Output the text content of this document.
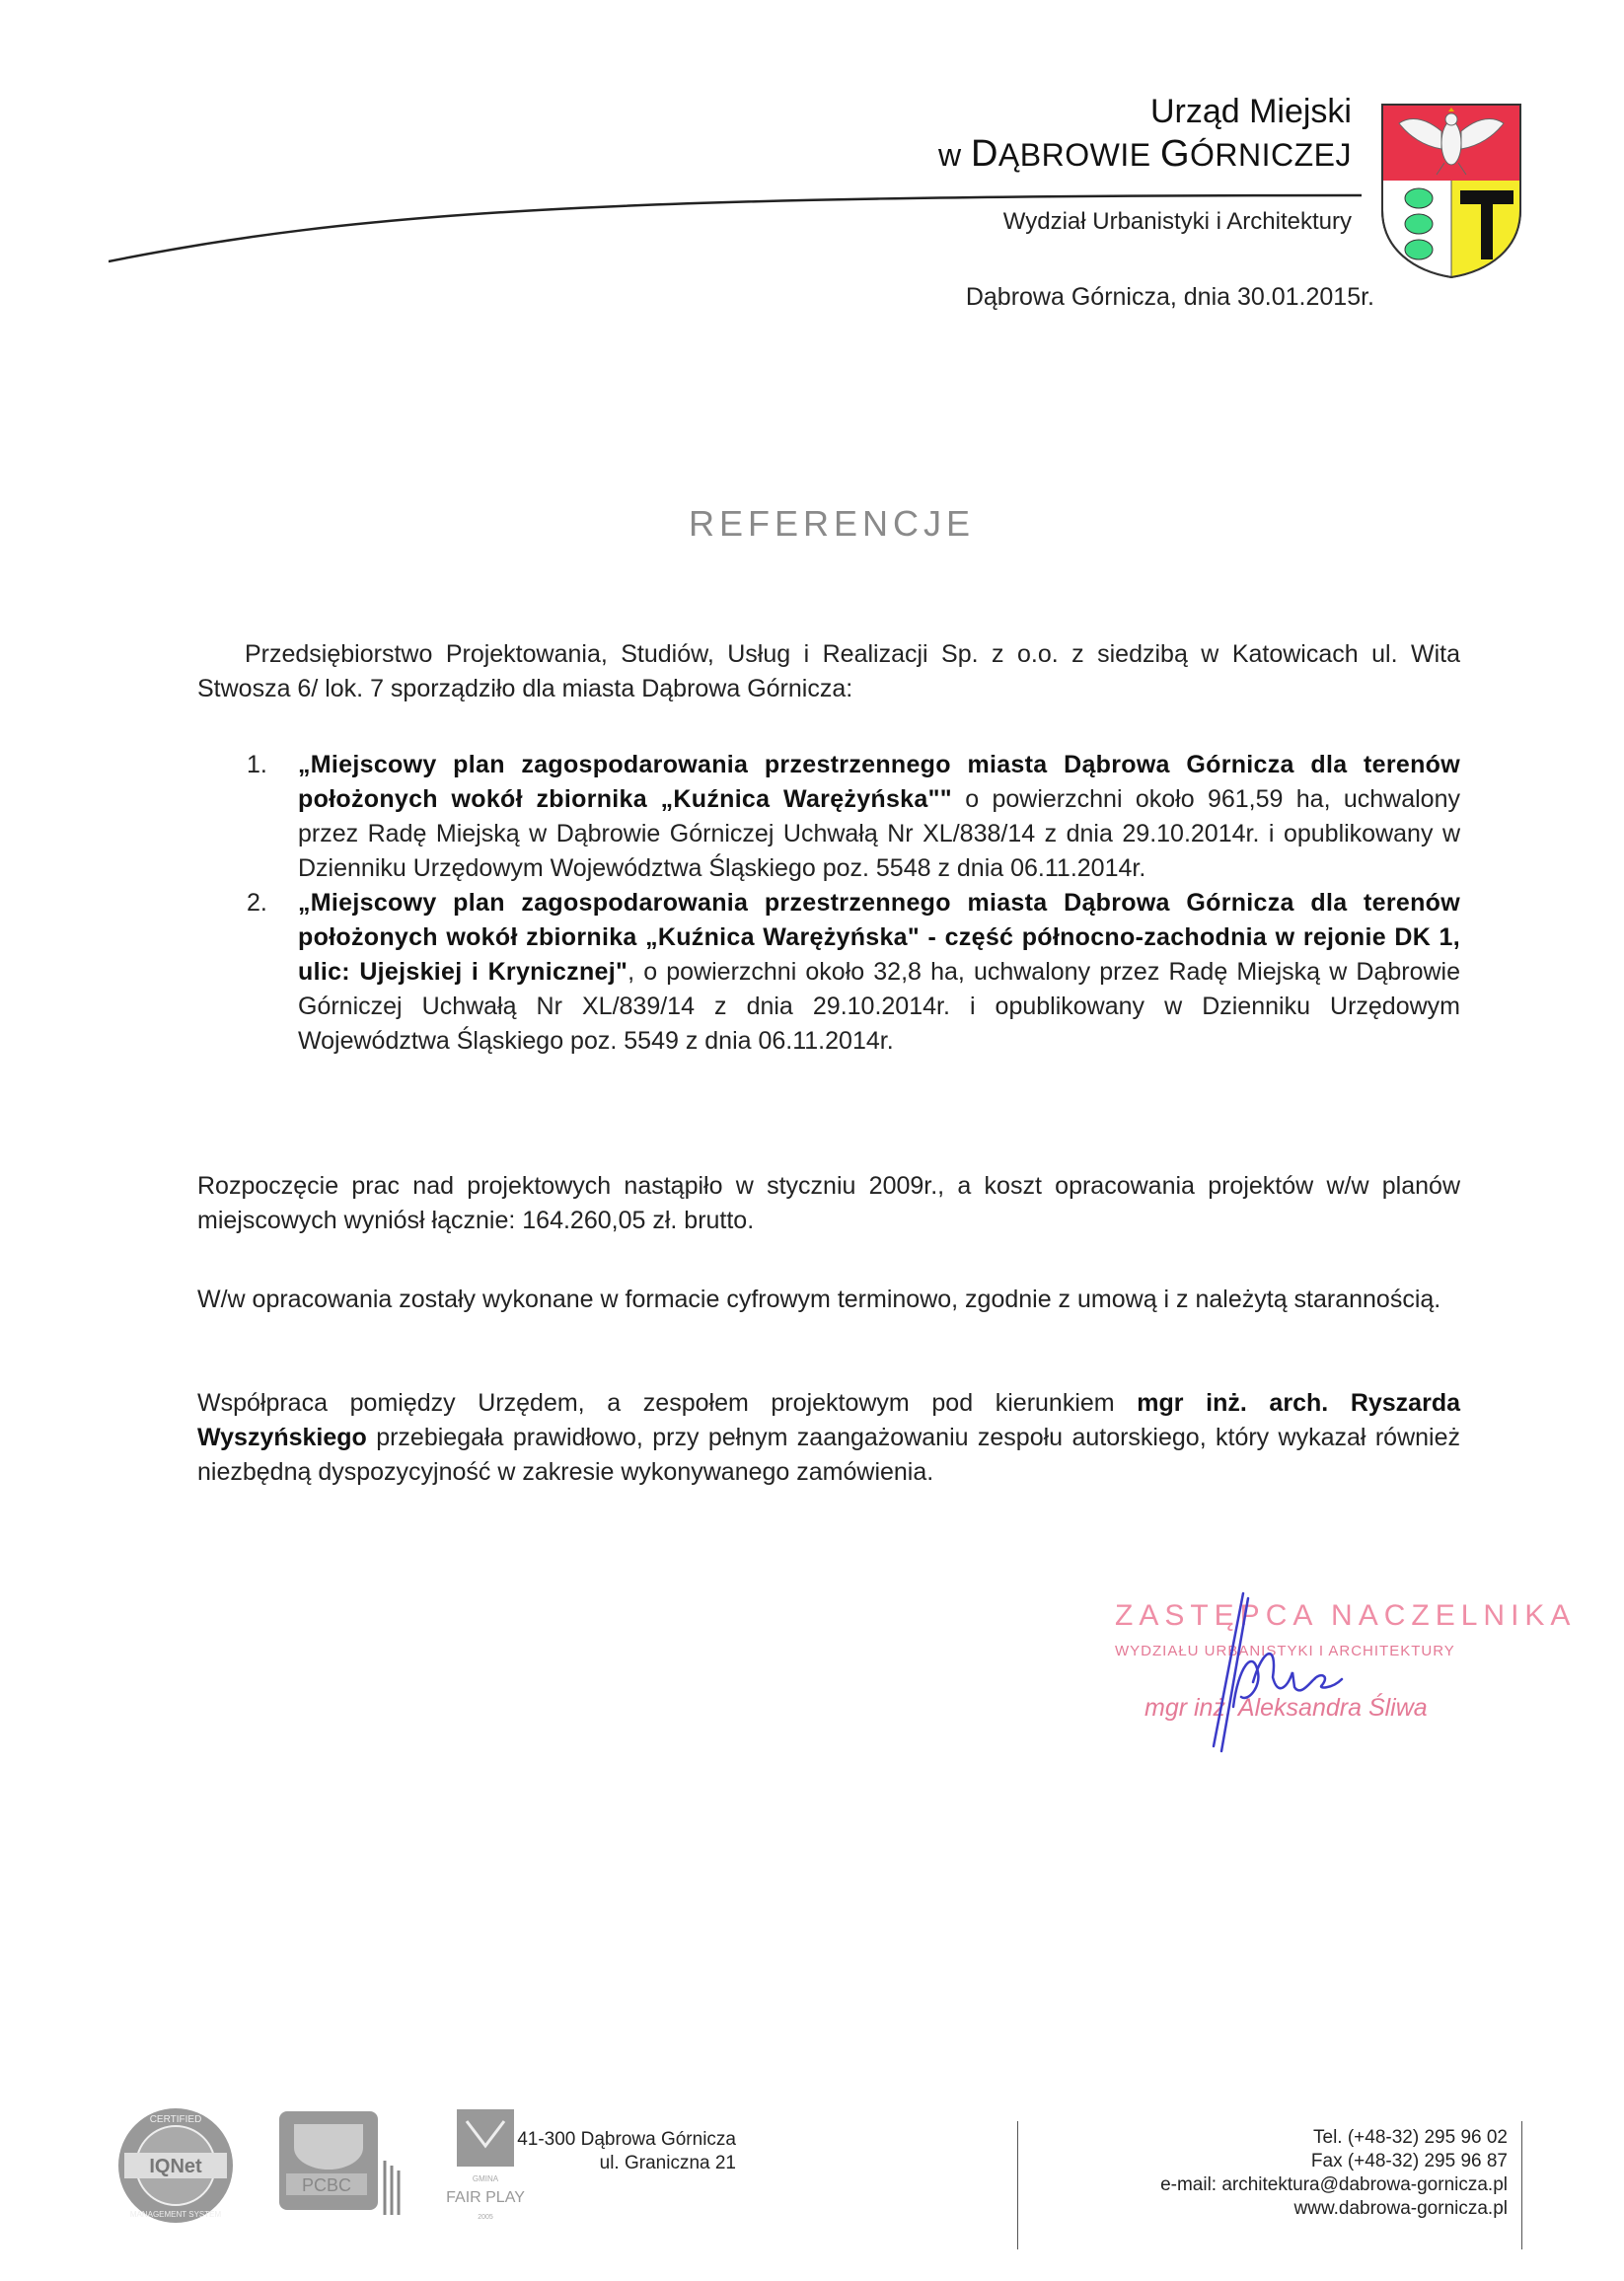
Urząd Miejski
w DĄBROWIE GÓRNICZEJ
Wydział Urbanistyki i Architektury
Dąbrowa Górnicza, dnia 30.01.2015r.
REFERENCJE
Przedsiębiorstwo Projektowania, Studiów, Usług i Realizacji Sp. z o.o. z siedzibą w Katowicach ul. Wita Stwosza 6/ lok. 7 sporządziło dla miasta Dąbrowa Górnicza:
1.	„Miejscowy plan zagospodarowania przestrzennego miasta Dąbrowa Górnicza dla terenów położonych wokół zbiornika „Kuźnica Warężyńska"" o powierzchni około 961,59 ha, uchwalony przez Radę Miejską w Dąbrowie Górniczej Uchwałą Nr XL/838/14 z dnia 29.10.2014r. i opublikowany w Dzienniku Urzędowym Województwa Śląskiego poz. 5548 z dnia 06.11.2014r.
2.	„Miejscowy plan zagospodarowania przestrzennego miasta Dąbrowa Górnicza dla terenów położonych wokół zbiornika „Kuźnica Warężyńska" - część północno-zachodnia w rejonie DK 1, ulic: Ujejskiej i Krynicznej", o powierzchni około 32,8 ha, uchwalony przez Radę Miejską w Dąbrowie Górniczej Uchwałą Nr XL/839/14 z dnia 29.10.2014r. i opublikowany w Dzienniku Urzędowym Województwa Śląskiego poz. 5549 z dnia 06.11.2014r.
Rozpoczęcie prac nad projektowych nastąpiło w styczniu 2009r., a koszt opracowania projektów w/w planów miejscowych wyniósł łącznie: 164.260,05 zł. brutto.
W/w opracowania zostały wykonane w formacie cyfrowym terminowo, zgodnie z umową i z należytą starannością.
Współpraca pomiędzy Urzędem, a zespołem projektowym pod kierunkiem mgr inż. arch. Ryszarda Wyszyńskiego przebiegała prawidłowo, przy pełnym zaangażowaniu zespołu autorskiego, który wykazał również niezbędną dyspozycyjność w zakresie wykonywanego zamówienia.
ZASTĘPCA NACZELNIKA
WYDZIAŁU URBANISTYKI I ARCHITEKTURY
mgr inż. Aleksandra Śliwa
IQNet
CERTIFIED
MANAGEMENT SYSTEM
PCBC	GMINA
FAIR PLAY
2005
41-300 Dąbrowa Górnicza
ul. Graniczna 21
Tel. (+48-32) 295 96 02
Fax (+48-32) 295 96 87
e-mail: architektura@dabrowa-gornicza.pl
www.dabrowa-gornicza.pl
